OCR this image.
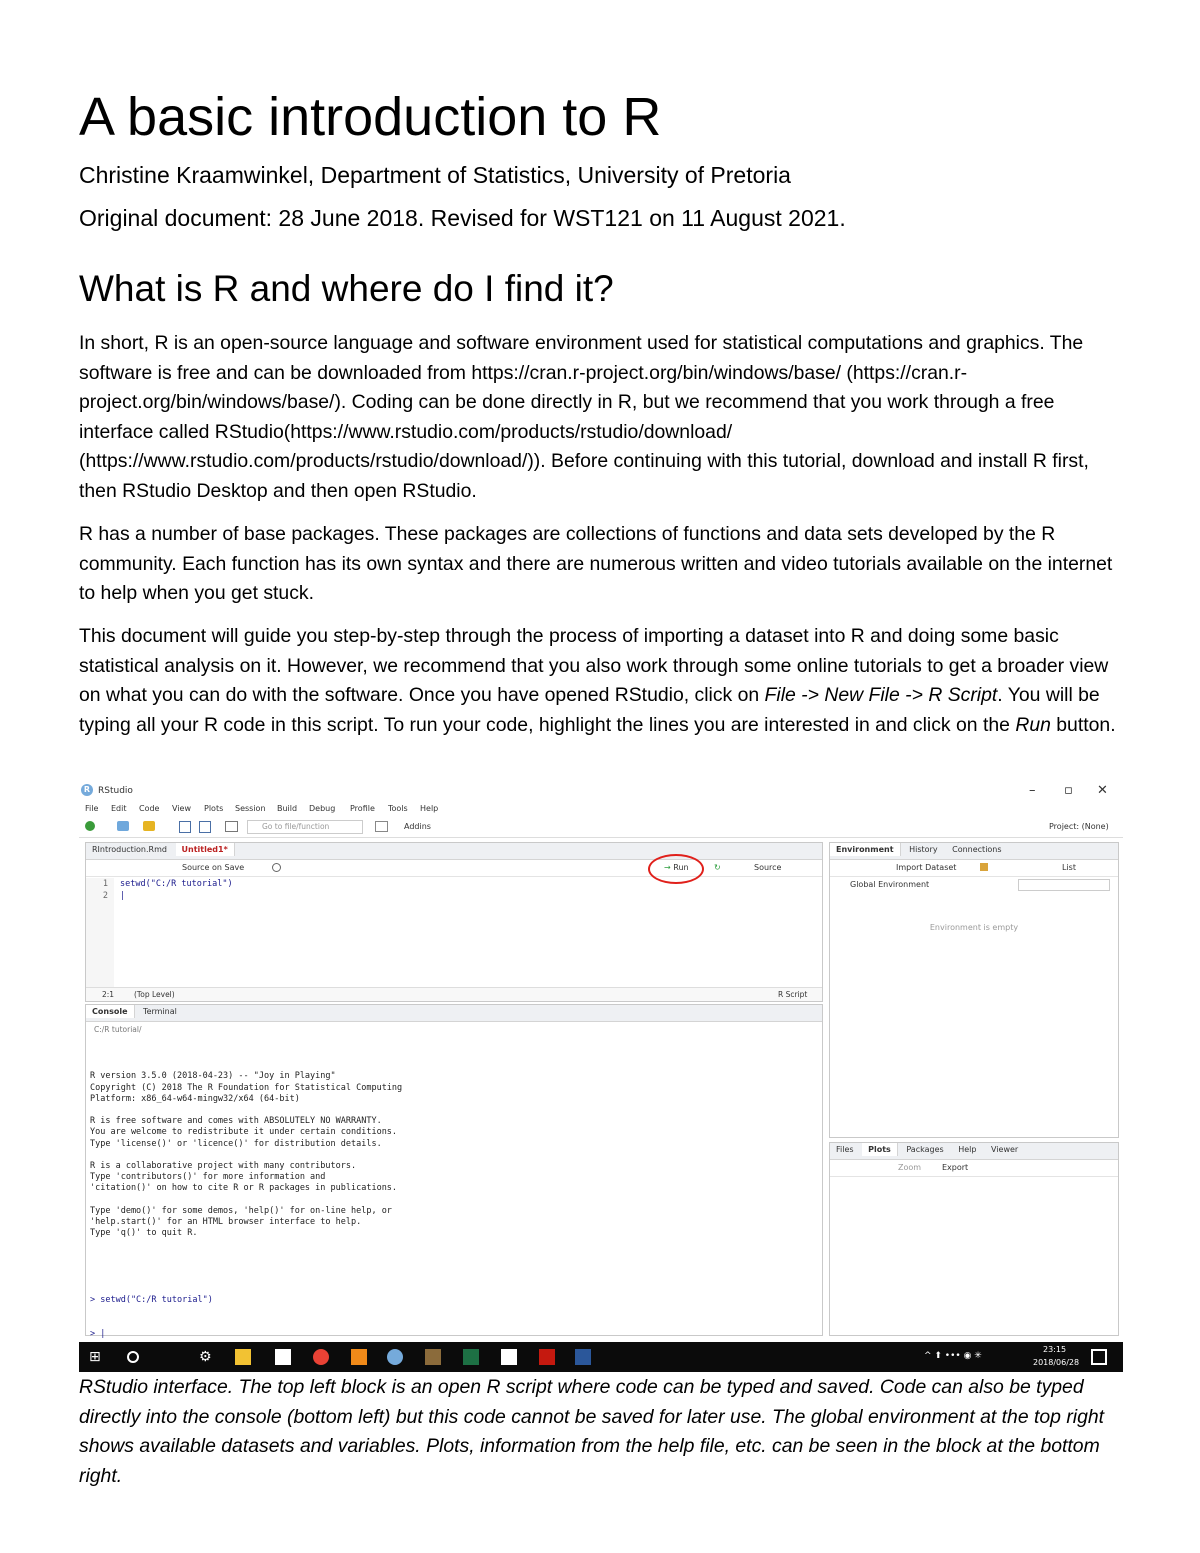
A basic introduction to R

Christine Kraamwinkel, Department of Statistics, University of Pretoria

Original document: 28 June 2018. Revised for WST121 on 11 August 2021.

What is R and where do I find it?

In short, R is an open-source language and software environment used for statistical computations and graphics. The software is free and can be downloaded from https://cran.r-project.org/bin/windows/base/ (https://cran.r-project.org/bin/windows/base/). Coding can be done directly in R, but we recommend that you work through a free interface called RStudio(https://www.rstudio.com/products/rstudio/download/ (https://www.rstudio.com/products/rstudio/download/)). Before continuing with this tutorial, download and install R first, then RStudio Desktop and then open RStudio.

R has a number of base packages. These packages are collections of functions and data sets developed by the R community. Each function has its own syntax and there are numerous written and video tutorials available on the internet to help when you get stuck.

This document will guide you step-by-step through the process of importing a dataset into R and doing some basic statistical analysis on it. However, we recommend that you also work through some online tutorials to get a broader view on what you can do with the software. Once you have opened RStudio, click on File -> New File -> R Script. You will be typing all your R code in this script. To run your code, highlight the lines you are interested in and click on the Run button.

RStudio interface. The top left block is an open R script where code can be typed and saved. Code can also be typed directly into the console (bottom left) but this code cannot be saved for later use. The global environment at the top right shows available datasets and variables. Plots, information from the help file, etc. can be seen in the block at the bottom right.

R RStudio	– ▫ ✕
File Edit Code View Plots Session Build Debug Profile Tools Help
Go to file/function	Addins	Project: (None)
RIntroduction.Rmd Untitled1*
Source on Save	→ Run	↻	Source
1
2
setwd("C:/R tutorial")
|
2:1	(Top Level)	R Script
Console Terminal
C:/R tutorial/

R version 3.5.0 (2018-04-23) -- "Joy in Playing"
Copyright (C) 2018 The R Foundation for Statistical Computing
Platform: x86_64-w64-mingw32/x64 (64-bit)

R is free software and comes with ABSOLUTELY NO WARRANTY.
You are welcome to redistribute it under certain conditions.
Type 'license()' or 'licence()' for distribution details.

R is a collaborative project with many contributors.
Type 'contributors()' for more information and
'citation()' on how to cite R or R packages in publications.

Type 'demo()' for some demos, 'help()' for on-line help, or
'help.start()' for an HTML browser interface to help.
Type 'q()' to quit R.

> setwd("C:/R tutorial")

> |

Environment History Connections
Import Dataset	List
Global Environment
Environment is empty
Files Plots Packages Help Viewer
Zoom	Export
⊞	⚙	^ ⬆ ••• ◉ ✳
23:15
2018/06/28
